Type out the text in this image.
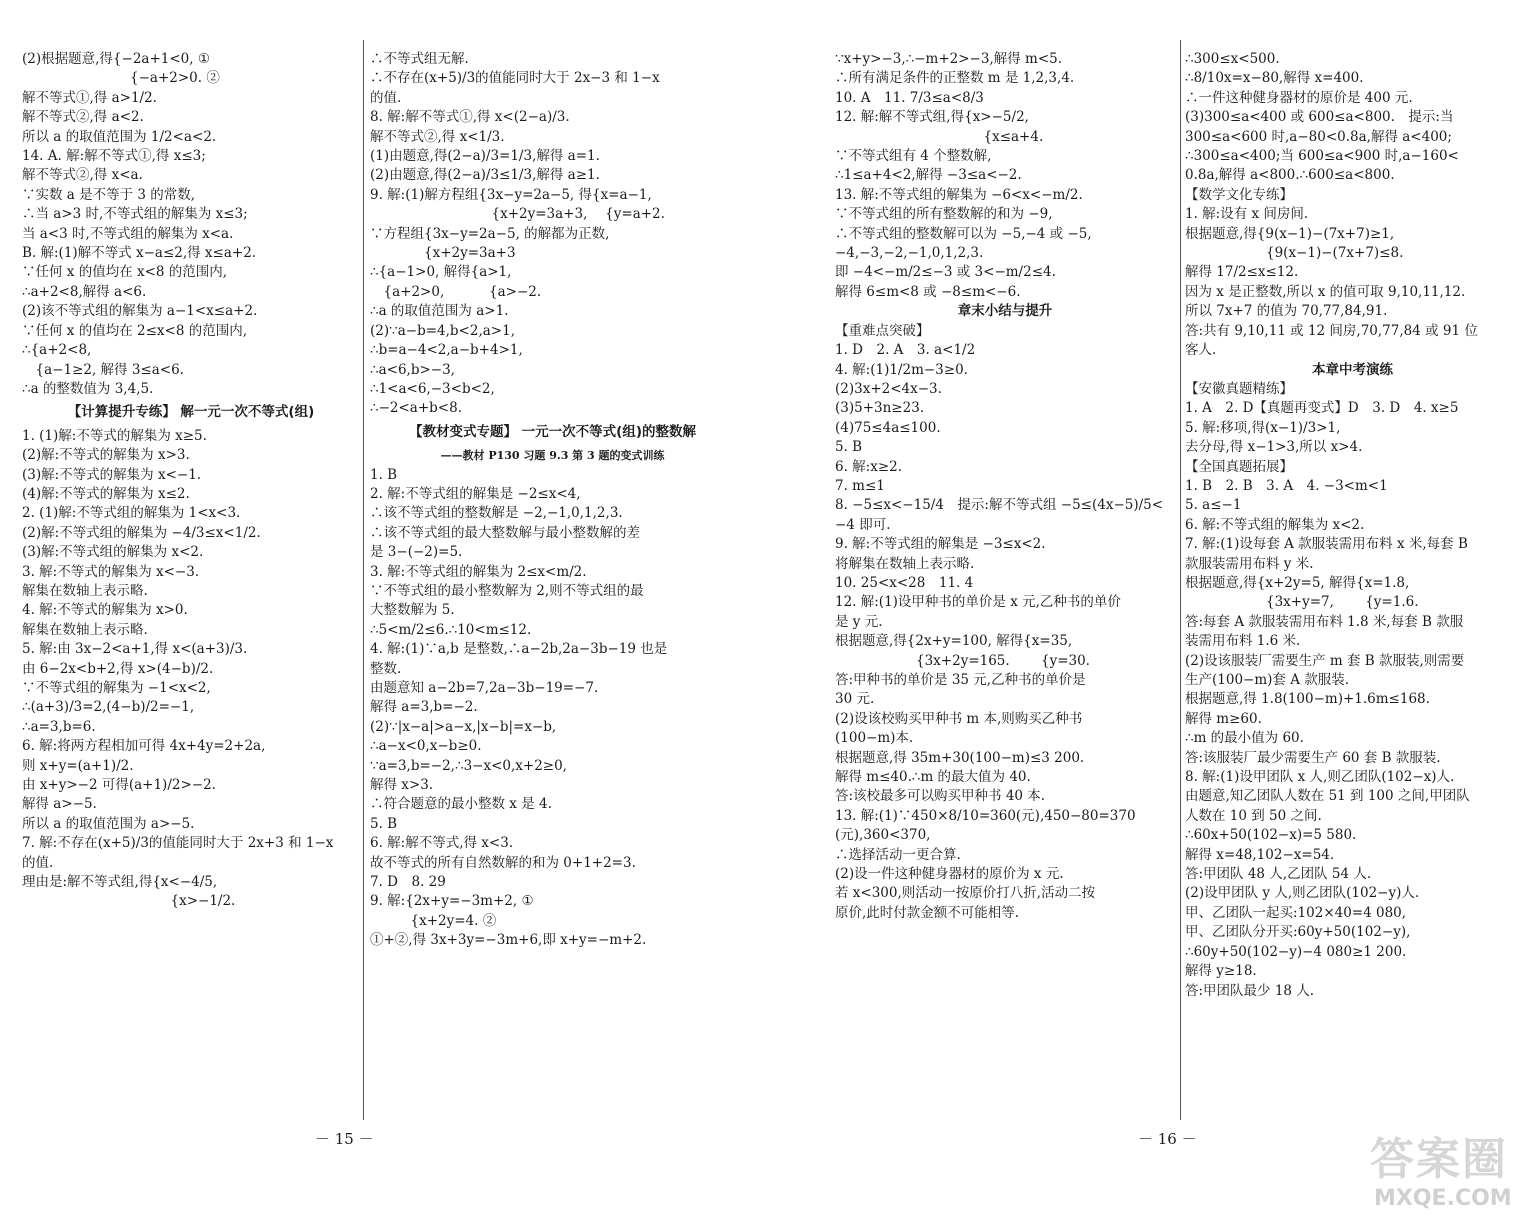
(2)根据题意,得{−2a+1<0, ①
　　　　　　　　{−a+2>0. ②
解不等式①,得 a>1/2.
解不等式②,得 a<2.
所以 a 的取值范围为 1/2<a<2.
14. A. 解:解不等式①,得 x≤3;
解不等式②,得 x<a.
∵实数 a 是不等于 3 的常数,
∴当 a>3 时,不等式组的解集为 x≤3;
当 a<3 时,不等式组的解集为 x<a.
B. 解:(1)解不等式 x−a≤2,得 x≤a+2.
∵任何 x 的值均在 x<8 的范围内,
∴a+2<8,解得 a<6.
(2)该不等式组的解集为 a−1<x≤a+2.
∵任何 x 的值均在 2≤x<8 的范围内,
∴{a+2<8,
　{a−1≥2, 解得 3≤a<6.
∴a 的整数值为 3,4,5.
【计算提升专练】 解一元一次不等式(组)
1. (1)解:不等式的解集为 x≥5.
(2)解:不等式的解集为 x>3.
(3)解:不等式的解集为 x<−1.
(4)解:不等式的解集为 x≤2.
2. (1)解:不等式组的解集为 1<x<3.
(2)解:不等式组的解集为 −4/3≤x<1/2.
(3)解:不等式组的解集为 x<2.
3. 解:不等式的解集为 x<−3.
解集在数轴上表示略.
4. 解:不等式的解集为 x>0.
解集在数轴上表示略.
5. 解:由 3x−2<a+1,得 x<(a+3)/3.
由 6−2x<b+2,得 x>(4−b)/2.
∵不等式组的解集为 −1<x<2,
∴(a+3)/3=2,(4−b)/2=−1,
∴a=3,b=6.
6. 解:将两方程相加可得 4x+4y=2+2a,
则 x+y=(a+1)/2.
由 x+y>−2 可得(a+1)/2>−2.
解得 a>−5.
所以 a 的取值范围为 a>−5.
7. 解:不存在(x+5)/3的值能同时大于 2x+3 和 1−x
的值.
理由是:解不等式组,得{x<−4/5,
　　　　　　　　　　　{x>−1/2.
∴不等式组无解.
∴不存在(x+5)/3的值能同时大于 2x−3 和 1−x
的值.
8. 解:解不等式①,得 x<(2−a)/3.
解不等式②,得 x<1/3.
(1)由题意,得(2−a)/3=1/3,解得 a=1.
(2)由题意,得(2−a)/3≤1/3,解得 a≥1.
9. 解:(1)解方程组{3x−y=2a−5, 得{x=a−1,
　　　　　　　　　{x+2y=3a+3, 　{y=a+2.
∵方程组{3x−y=2a−5, 的解都为正数,
　　　　{x+2y=3a+3
∴{a−1>0, 解得{a>1,
　{a+2>0, 　　　{a>−2.
∴a 的取值范围为 a>1.
(2)∵a−b=4,b<2,a>1,
∴b=a−4<2,a−b+4>1,
∴a<6,b>−3,
∴1<a<6,−3<b<2,
∴−2<a+b<8.
【教材变式专题】 一元一次不等式(组)的整数解
——教材 P130 习题 9.3 第 3 题的变式训练
1. B
2. 解:不等式组的解集是 −2≤x<4,
∴该不等式组的整数解是 −2,−1,0,1,2,3.
∴该不等式组的最大整数解与最小整数解的差
是 3−(−2)=5.
3. 解:不等式组的解集为 2≤x<m/2.
∵不等式组的最小整数解为 2,则不等式组的最
大整数解为 5.
∴5<m/2≤6.∴10<m≤12.
4. 解:(1)∵a,b 是整数,∴a−2b,2a−3b−19 也是
整数.
由题意知 a−2b=7,2a−3b−19=−7.
解得 a=3,b=−2.
(2)∵|x−a|>a−x,|x−b|=x−b,
∴a−x<0,x−b≥0.
∵a=3,b=−2,∴3−x<0,x+2≥0,
解得 x>3.
∴符合题意的最小整数 x 是 4.
5. B
6. 解:解不等式,得 x<3.
故不等式的所有自然数解的和为 0+1+2=3.
7. D　8. 29
9. 解:{2x+y=−3m+2, ①
　　　{x+2y=4. ②
①+②,得 3x+3y=−3m+6,即 x+y=−m+2.
∵x+y>−3,∴−m+2>−3,解得 m<5.
∴所有满足条件的正整数 m 是 1,2,3,4.
10. A　11. 7/3≤a<8/3
12. 解:解不等式组,得{x>−5/2,
　　　　　　　　　　　{x≤a+4.
∵不等式组有 4 个整数解,
∴1≤a+4<2,解得 −3≤a<−2.
13. 解:不等式组的解集为 −6<x<−m/2.
∵不等式组的所有整数解的和为 −9,
∴不等式组的整数解可以为 −5,−4 或 −5,
−4,−3,−2,−1,0,1,2,3.
即 −4<−m/2≤−3 或 3<−m/2≤4.
解得 6≤m<8 或 −8≤m<−6.
章末小结与提升
【重难点突破】
1. D　2. A　3. a<1/2
4. 解:(1)1/2m−3≥0.
(2)3x+2<4x−3.
(3)5+3n≥23.
(4)75≤4a≤100.
5. B
6. 解:x≥2.
7. m≤1
8. −5≤x<−15/4　提示:解不等式组 −5≤(4x−5)/5<
−4 即可.
9. 解:不等式组的解集是 −3≤x<2.
将解集在数轴上表示略.
10. 25<x<28　11. 4
12. 解:(1)设甲种书的单价是 x 元,乙种书的单价
是 y 元.
根据题意,得{2x+y=100, 解得{x=35,
　　　　　　{3x+2y=165. 　　{y=30.
答:甲种书的单价是 35 元,乙种书的单价是
30 元.
(2)设该校购买甲种书 m 本,则购买乙种书
(100−m)本.
根据题意,得 35m+30(100−m)≤3 200.
解得 m≤40.∴m 的最大值为 40.
答:该校最多可以购买甲种书 40 本.
13. 解:(1)∵450×8/10=360(元),450−80=370
(元),360<370,
∴选择活动一更合算.
(2)设一件这种健身器材的原价为 x 元.
若 x<300,则活动一按原价打八折,活动二按
原价,此时付款金额不可能相等.
∴300≤x<500.
∴8/10x=x−80,解得 x=400.
∴一件这种健身器材的原价是 400 元.
(3)300≤a<400 或 600≤a<800.　提示:当
300≤a<600 时,a−80<0.8a,解得 a<400;
∴300≤a<400;当 600≤a<900 时,a−160<
0.8a,解得 a<800.∴600≤a<800.
【数学文化专练】
1. 解:设有 x 间房间.
根据题意,得{9(x−1)−(7x+7)≥1,
　　　　　　{9(x−1)−(7x+7)≤8.
解得 17/2≤x≤12.
因为 x 是正整数,所以 x 的值可取 9,10,11,12.
所以 7x+7 的值为 70,77,84,91.
答:共有 9,10,11 或 12 间房,70,77,84 或 91 位
客人.
本章中考演练
【安徽真题精练】
1. A　2. D【真题再变式】D　3. D　4. x≥5
5. 解:移项,得(x−1)/3>1,
去分母,得 x−1>3,所以 x>4.
【全国真题拓展】
1. B　2. B　3. A　4. −3<m<1
5. a≤−1
6. 解:不等式组的解集为 x<2.
7. 解:(1)设每套 A 款服装需用布料 x 米,每套 B
款服装需用布料 y 米.
根据题意,得{x+2y=5, 解得{x=1.8,
　　　　　　{3x+y=7, 　　{y=1.6.
答:每套 A 款服装需用布料 1.8 米,每套 B 款服
装需用布料 1.6 米.
(2)设该服装厂需要生产 m 套 B 款服装,则需要
生产(100−m)套 A 款服装.
根据题意,得 1.8(100−m)+1.6m≤168.
解得 m≥60.
∴m 的最小值为 60.
答:该服装厂最少需要生产 60 套 B 款服装.
8. 解:(1)设甲团队 x 人,则乙团队(102−x)人.
由题意,知乙团队人数在 51 到 100 之间,甲团队
人数在 10 到 50 之间.
∴60x+50(102−x)=5 580.
解得 x=48,102−x=54.
答:甲团队 48 人,乙团队 54 人.
(2)设甲团队 y 人,则乙团队(102−y)人.
甲、乙团队一起买:102×40=4 080,
甲、乙团队分开买:60y+50(102−y),
∴60y+50(102−y)−4 080≥1 200.
解得 y≥18.
答:甲团队最少 18 人.
－ 15 －	－ 16 －	答案圈
MXQE.COM
